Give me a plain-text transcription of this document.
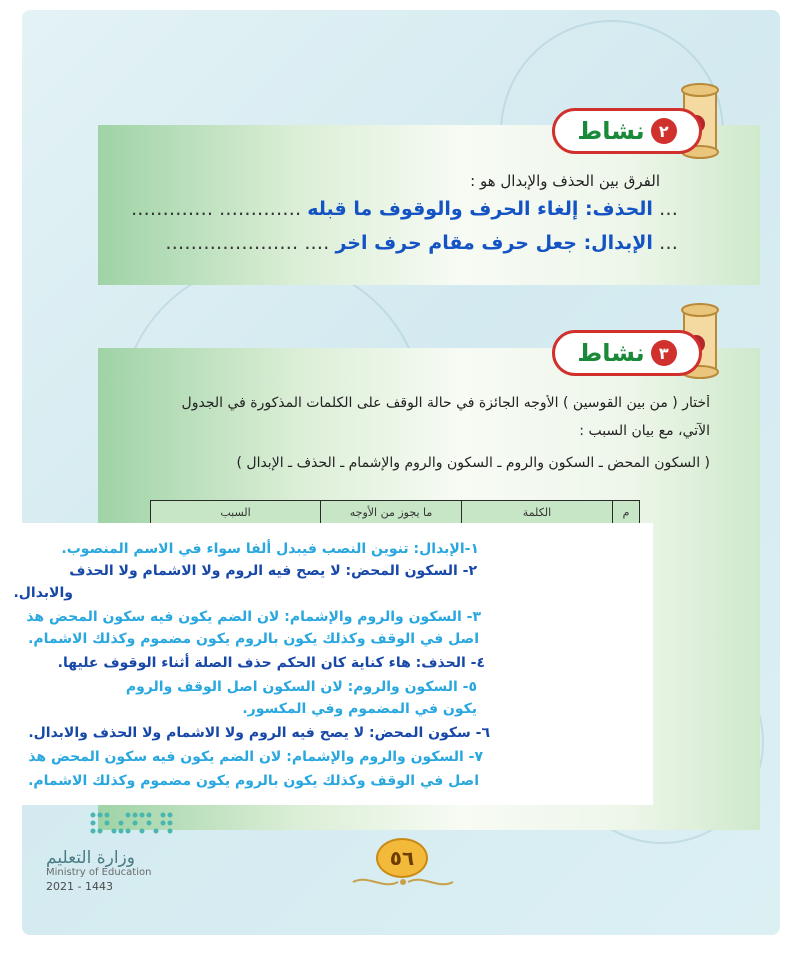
٢
نشاط
الفرق بين الحذف والإبدال هو :
… الحذف: إلغاء الحرف والوقوف ما قبله …………. ………….
… الإبدال: جعل حرف مقام حرف اخر …. …………………
٣
نشاط
أختار ( من بين القوسين ) الأوجه الجائزة في حالة الوقف على الكلمات المذكورة في الجدول
الآتي، مع بيان السبب :
( السكون المحض ـ السكون والروم ـ السكون والروم والإشمام ـ الحذف ـ الإبدال )
م	الكلمة	ما يجوز من الأوجه	السبب

١-الإبدال: تنوين النصب فيبدل ألفا سواء في الاسم المنصوب.
٢- السكون المحض: لا يصح فيه الروم ولا الاشمام ولا الحذف
والابدال.
٣- السكون والروم والإشمام: لان الضم يكون فيه سكون المحض هذ
اصل في الوقف وكذلك يكون بالروم يكون مضموم وكذلك الاشمام.
٤- الحذف: هاء كناية كان الحكم حذف الصلة أثناء الوقوف عليها.
٥- السكون والروم: لان السكون اصل الوقف والروم
يكون في المضموم وفي المكسور.
٦- سكون المحض: لا يصح فيه الروم ولا الاشمام ولا الحذف والابدال.
٧- السكون والروم والإشمام: لان الضم يكون فيه سكون المحض هذ
اصل في الوقف وكذلك يكون بالروم يكون مضموم وكذلك الاشمام.
وزارة التعليم
Ministry of Education
2021 - 1443
٥٦
